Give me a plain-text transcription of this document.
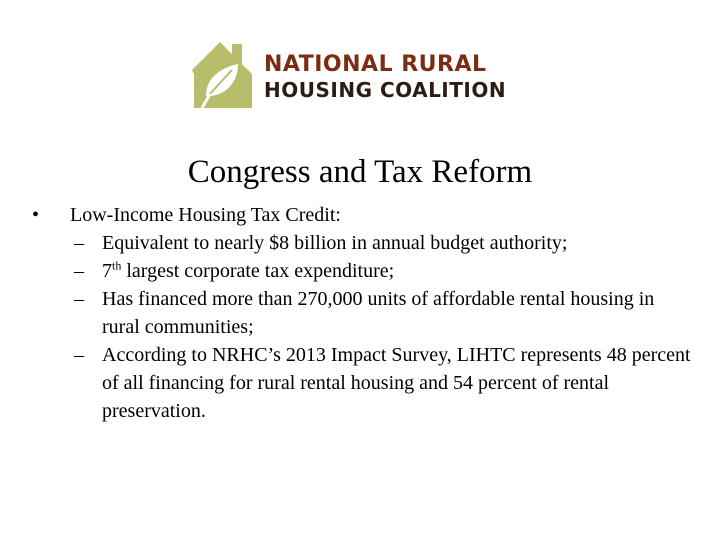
NATIONAL RURAL
HOUSING COALITION
Congress and Tax Reform
•	Low-Income Housing Tax Credit:
– Equivalent to nearly $8 billion in annual budget authority;
– 7th largest corporate tax expenditure;
– Has financed more than 270,000 units of affordable rental housing in rural communities;
– According to NRHC’s 2013 Impact Survey, LIHTC represents 48 percent of all financing for rural rental housing and 54 percent of rental preservation.
